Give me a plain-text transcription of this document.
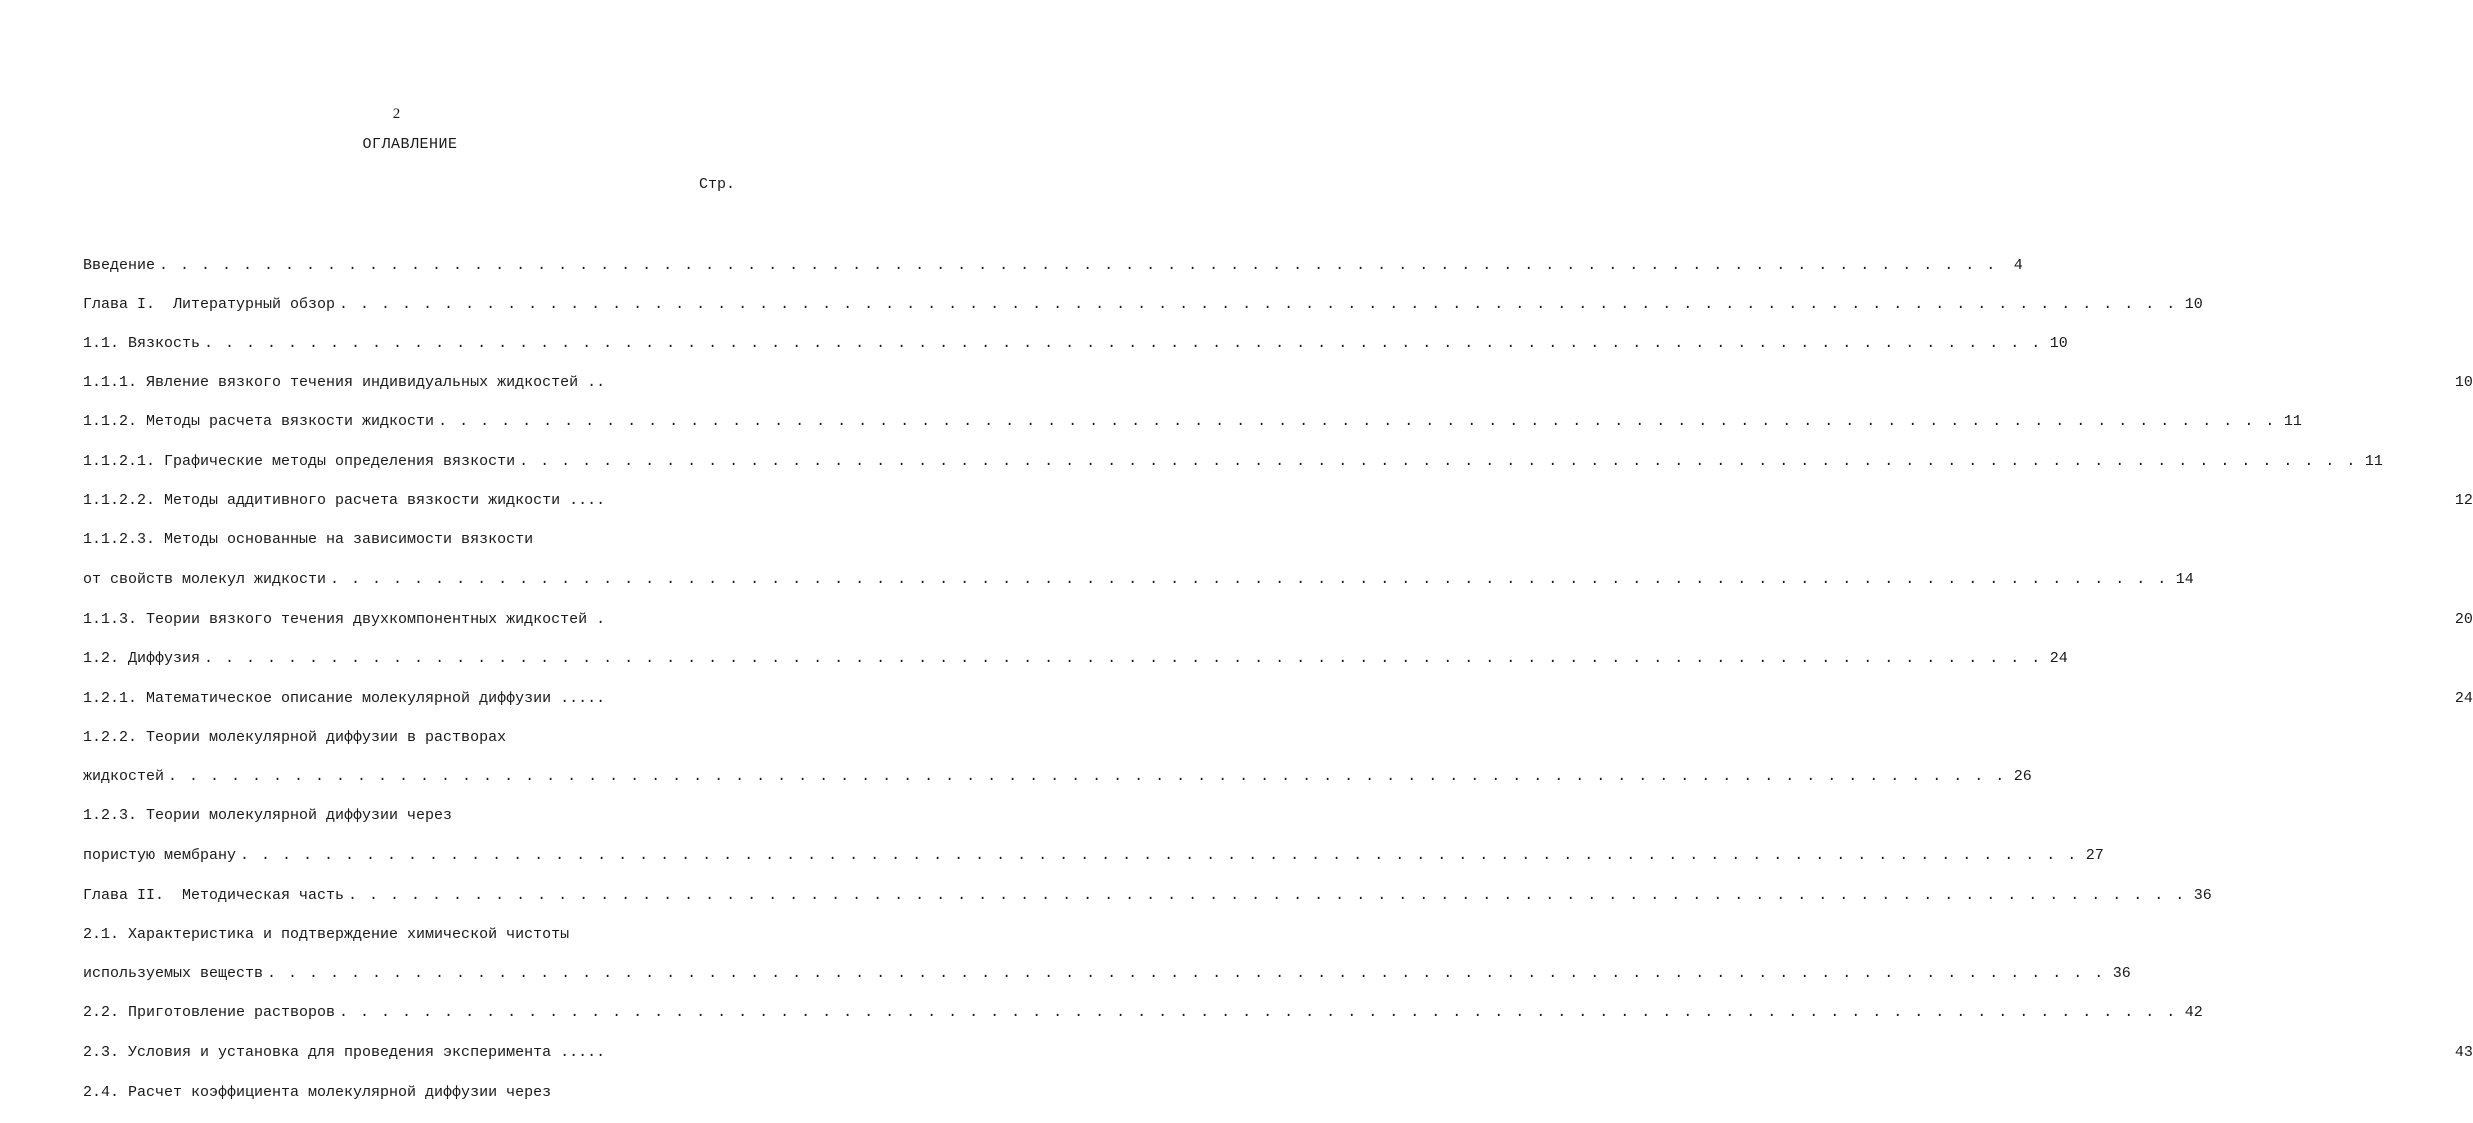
2
ОГЛАВЛЕНИЕ
Стр.

Введение . . .	4

Глава I.  Литературный обзор . . .	10

1.1. Вязкость . . .	10

1.1.1. Явление вязкого течения индивидуальных жидкостей ..	10

1.1.2. Методы расчета вязкости жидкости . . .	11

1.1.2.1. Графические методы определения вязкости . . .	11

1.1.2.2. Методы аддитивного расчета вязкости жидкости ....	12

1.1.2.3. Методы основанные на зависимости вязкости

от свойств молекул жидкости . . .	14

1.1.3. Теории вязкого течения двухкомпонентных жидкостей .	20

1.2. Диффузия . . .	24

1.2.1. Математическое описание молекулярной диффузии .....	24

1.2.2. Теории молекулярной диффузии в растворах

жидкостей . . .	26

1.2.3. Теории молекулярной диффузии через

пористую мембрану . . .	27

Глава II.  Методическая часть . . .	36

2.1. Характеристика и подтверждение химической чистоты

используемых веществ . . .	36

2.2. Приготовление растворов . . .	42

2.3. Условия и установка для проведения эксперимента .....	43

2.4. Расчет коэффициента молекулярной диффузии через
